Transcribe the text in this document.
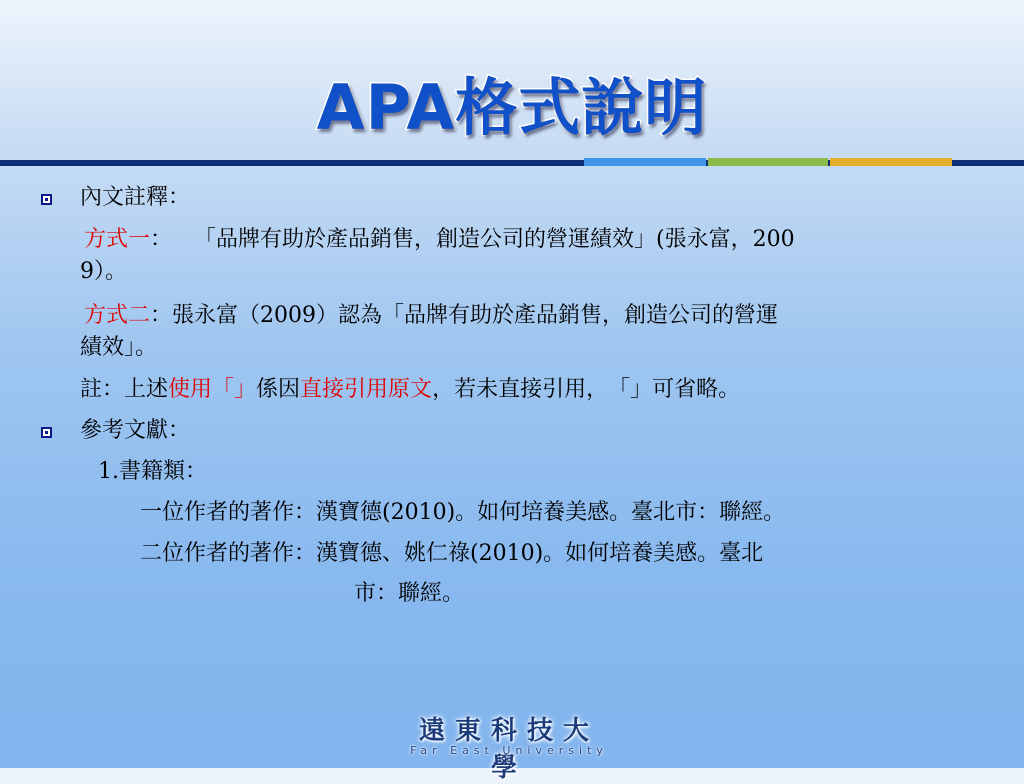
APA格式說明
內文註釋：
方式一： 「品牌有助於產品銷售，創造公司的營運績效」(張永富，200
9）。
方式二：張永富（2009）認為「品牌有助於產品銷售，創造公司的營運
績效」。
註：上述使用「」係因直接引用原文，若未直接引用，　「」可省略。
參考文獻：
1.書籍類：
一位作者的著作：漢寶德(2010)。如何培養美感。臺北市：聯經。
二位作者的著作：漢寶德、姚仁祿(2010)。如何培養美感。臺北
市：聯經。
遠東科技大學
Far East University
